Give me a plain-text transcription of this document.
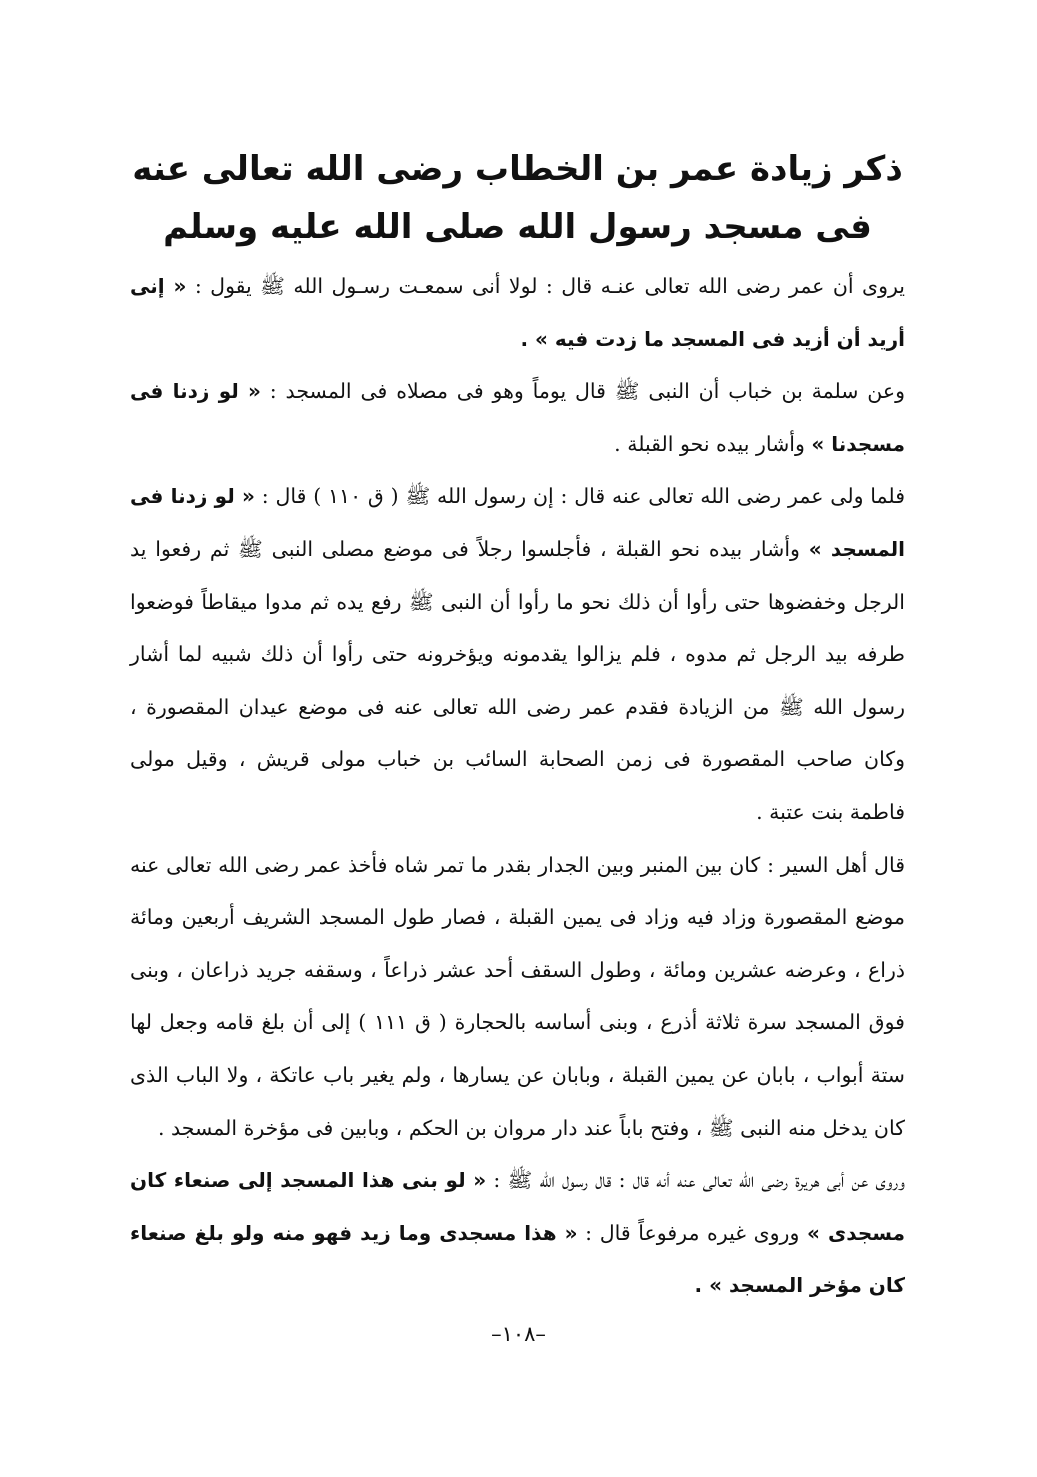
ذكر زيادة عمر بن الخطاب رضى الله تعالى عنه
فى مسجد رسول الله صلى الله عليه وسلم

يروى أن عمر رضى الله تعالى عنـه قال : لولا أنى سمعـت رسـول الله ﷺ يقول : « إنى أريد أن أزيد فى المسجد ما زدت فيه » .

وعن سلمة بن خباب أن النبى ﷺ قال يوماً وهو فى مصلاه فى المسجد : « لو زدنا فى مسجدنا » وأشار بيده نحو القبلة .

فلما ولى عمر رضى الله تعالى عنه قال : إن رسول الله ﷺ ( ق ١١٠ ) قال : « لو زدنا فى المسجد » وأشار بيده نحو القبلة ، فأجلسوا رجلاً فى موضع مصلى النبى ﷺ ثم رفعوا يد الرجل وخفضوها حتى رأوا أن ذلك نحو ما رأوا أن النبى ﷺ رفع يده ثم مدوا ميقاطاً فوضعوا طرفه بيد الرجل ثم مدوه ، فلم يزالوا يقدمونه ويؤخرونه حتى رأوا أن ذلك شبيه لما أشار رسول الله ﷺ من الزيادة فقدم عمر رضى الله تعالى عنه فى موضع عيدان المقصورة ، وكان صاحب المقصورة فى زمن الصحابة السائب بن خباب مولى قريش ، وقيل مولى فاطمة بنت عتبة .

قال أهل السير : كان بين المنبر وبين الجدار بقدر ما تمر شاه فأخذ عمر رضى الله تعالى عنه موضع المقصورة وزاد فيه وزاد فى يمين القبلة ، فصار طول المسجد الشريف أربعين ومائة ذراع ، وعرضه عشرين ومائة ، وطول السقف أحد عشر ذراعاً ، وسقفه جريد ذراعان ، وبنى فوق المسجد سرة ثلاثة أذرع ، وبنى أساسه بالحجارة ( ق ١١١ ) إلى أن بلغ قامه وجعل لها ستة أبواب ، بابان عن يمين القبلة ، وبابان عن يسارها ، ولم يغير باب عاتكة ، ولا الباب الذى كان يدخل منه النبى ﷺ ، وفتح باباً عند دار مروان بن الحكم ، وبابين فى مؤخرة المسجد .

وروى عن أبى هريرة رضى الله تعالى عنه أنه قال : قال رسول الله ﷺ : « لو بنى هذا المسجد إلى صنعاء كان مسجدى » وروى غيره مرفوعاً قال : « هذا مسجدى وما زيد فهو منه ولو بلغ صنعاء كان مؤخر المسجد » .

–١٠٨–
